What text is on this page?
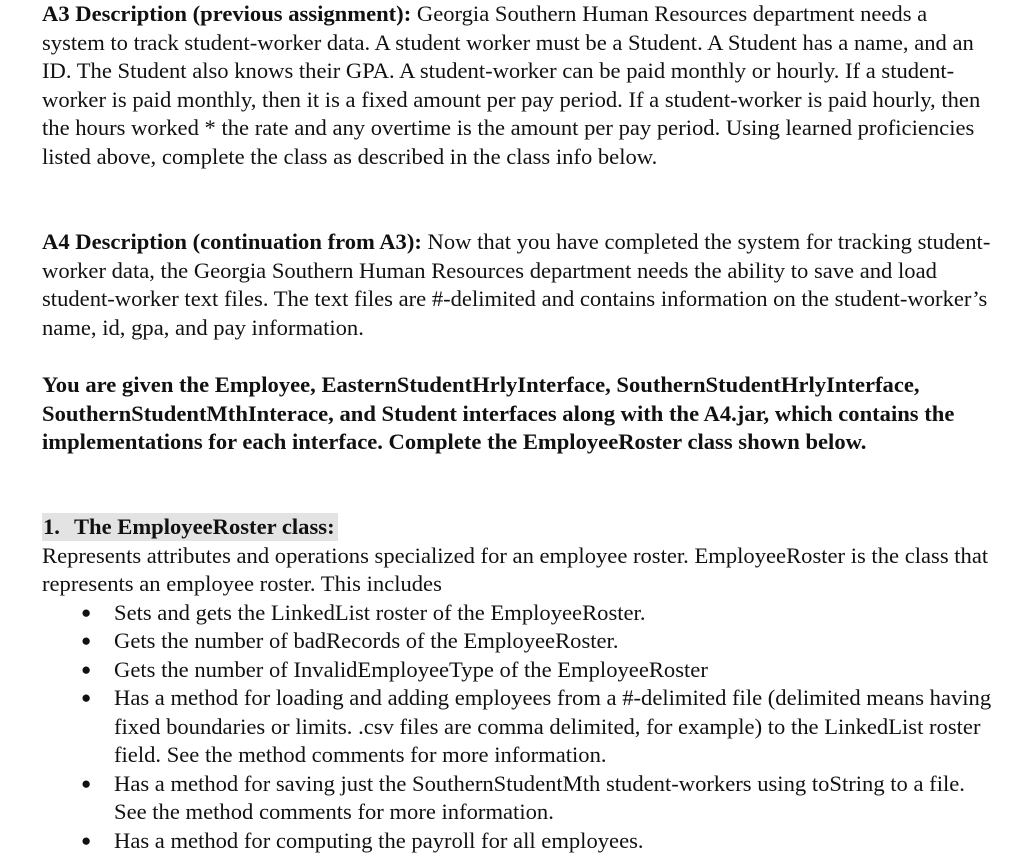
A3 Description (previous assignment): Georgia Southern Human Resources department needs a system to track student-worker data. A student worker must be a Student. A Student has a name, and an ID. The Student also knows their GPA. A student-worker can be paid monthly or hourly. If a student-worker is paid monthly, then it is a fixed amount per pay period. If a student-worker is paid hourly, then the hours worked * the rate and any overtime is the amount per pay period. Using learned proficiencies listed above, complete the class as described in the class info below.

A4 Description (continuation from A3): Now that you have completed the system for tracking student-worker data, the Georgia Southern Human Resources department needs the ability to save and load student-worker text files. The text files are #-delimited and contains information on the student-worker’s name, id, gpa, and pay information.

You are given the Employee, EasternStudentHrlyInterface, SouthernStudentHrlyInterface, SouthernStudentMthInterace, and Student interfaces along with the A4.jar, which contains the implementations for each interface. Complete the EmployeeRoster class shown below.

1. The EmployeeRoster class:

Represents attributes and operations specialized for an employee roster. EmployeeRoster is the class that represents an employee roster. This includes

● Sets and gets the LinkedList roster of the EmployeeRoster.
● Gets the number of badRecords of the EmployeeRoster.
● Gets the number of InvalidEmployeeType of the EmployeeRoster
● Has a method for loading and adding employees from a #-delimited file (delimited means having fixed boundaries or limits. .csv files are comma delimited, for example) to the LinkedList roster field. See the method comments for more information.
● Has a method for saving just the SouthernStudentMth student-workers using toString to a file. See the method comments for more information.
● Has a method for computing the payroll for all employees.
